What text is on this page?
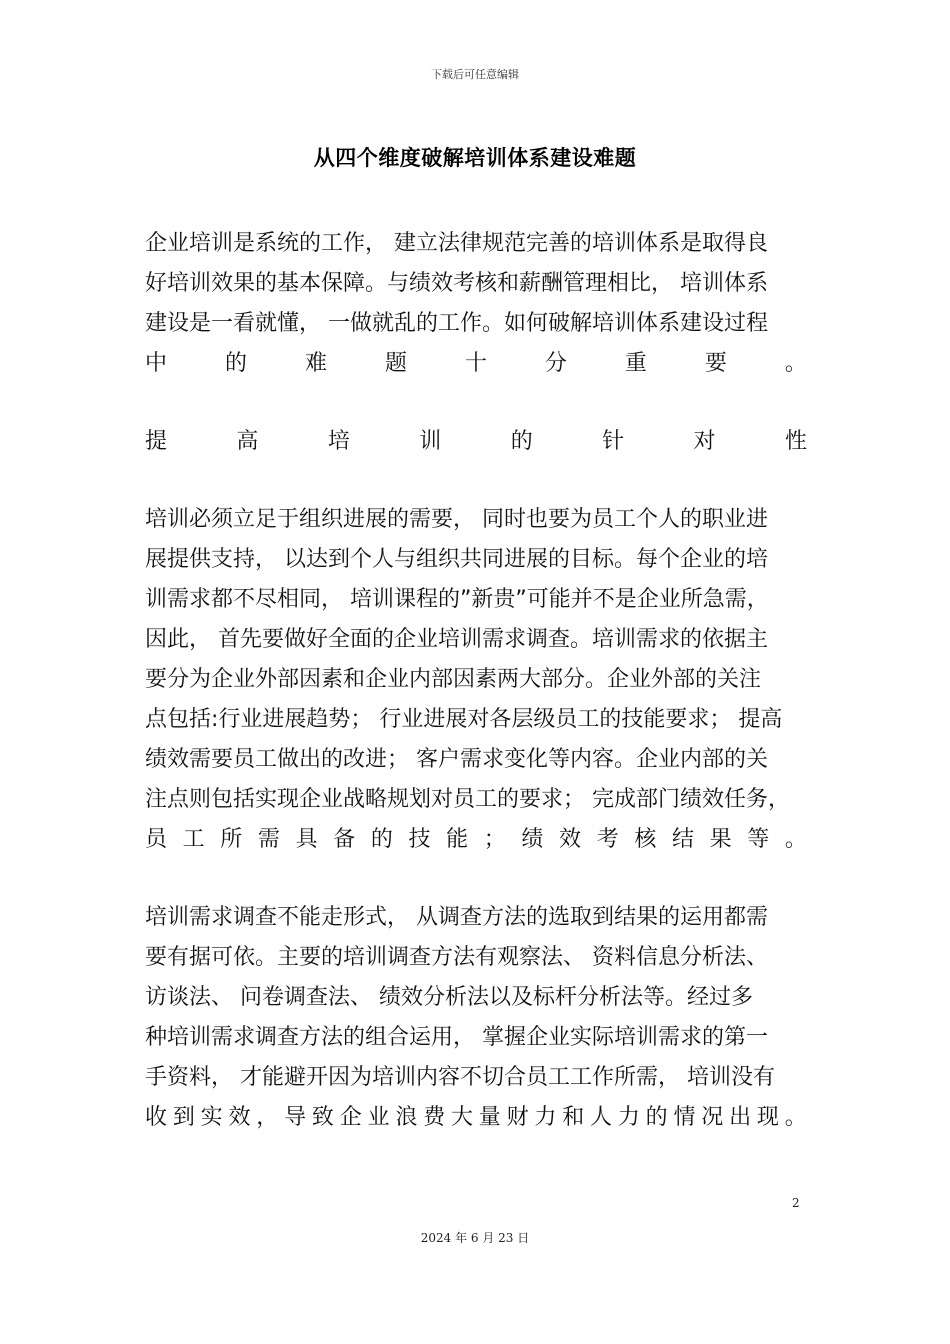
下载后可任意编辑
从四个维度破解培训体系建设难题
企业培训是系统的工作， 建立法律规范完善的培训体系是取得良
好培训效果的基本保障。与绩效考核和薪酬管理相比， 培训体系
建设是一看就懂， 一做就乱的工作。如何破解培训体系建设过程
中	的	难	题	十	分	重	要	。
提	高	培	训	的	针	对	性
培训必须立足于组织进展的需要， 同时也要为员工个人的职业进
展提供支持， 以达到个人与组织共同进展的目标。每个企业的培
训需求都不尽相同， 培训课程的”新贵”可能并不是企业所急需，
因此， 首先要做好全面的企业培训需求调查。培训需求的依据主
要分为企业外部因素和企业内部因素两大部分。企业外部的关注
点包括:行业进展趋势； 行业进展对各层级员工的技能要求； 提高
绩效需要员工做出的改进； 客户需求变化等内容。企业内部的关
注点则包括实现企业战略规划对员工的要求； 完成部门绩效任务，
员 工 所 需 具 备 的 技 能 ； 绩 效 考 核 结 果 等 。
培训需求调查不能走形式， 从调查方法的选取到结果的运用都需
要有据可依。主要的培训调查方法有观察法、 资料信息分析法、
访谈法、 问卷调查法、 绩效分析法以及标杆分析法等。经过多
种培训需求调查方法的组合运用， 掌握企业实际培训需求的第一
手资料， 才能避开因为培训内容不切合员工工作所需， 培训没有
收 到 实 效 ， 导 致 企 业 浪 费 大 量 财 力 和 人 力 的 情 况 出 现 。
2
2024 年 6 月 23 日
